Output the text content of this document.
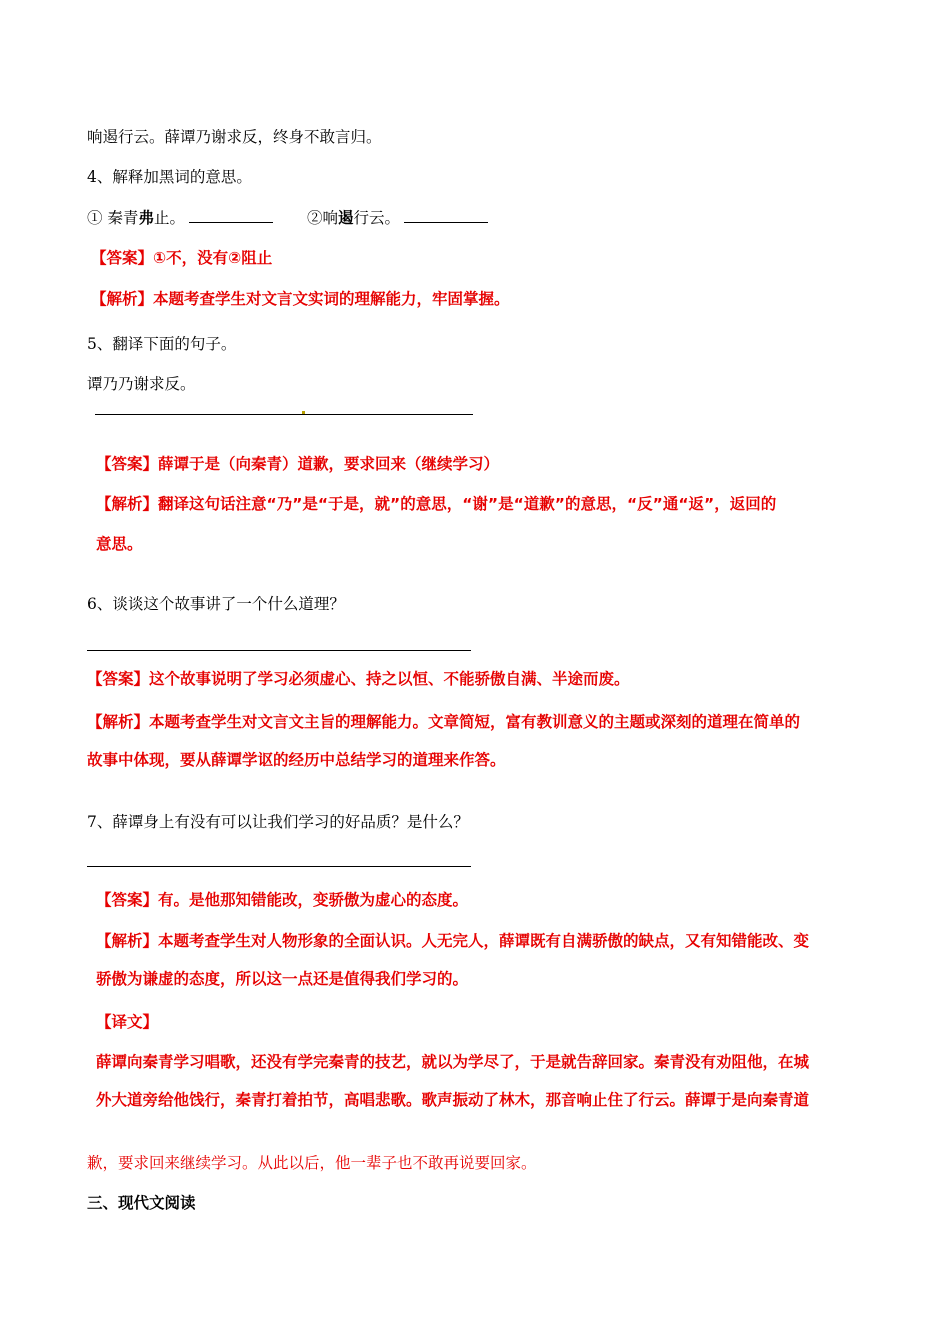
响遏行云。薛谭乃谢求反，终身不敢言归。
4、解释加黑词的意思。
① 秦青弗止。	②响遏行云。
【答案】①不，没有②阻止
【解析】本题考查学生对文言文实词的理解能力，牢固掌握。
5、翻译下面的句子。
谭乃乃谢求反。
【答案】薛谭于是（向秦青）道歉，要求回来（继续学习）
【解析】翻译这句话注意“乃”是“于是，就”的意思，“谢”是“道歉”的意思，“反”通“返”，返回的
意思。
6、谈谈这个故事讲了一个什么道理？
【答案】这个故事说明了学习必须虚心、持之以恒、不能骄傲自满、半途而废。
【解析】本题考查学生对文言文主旨的理解能力。文章简短，富有教训意义的主题或深刻的道理在简单的
故事中体现，要从薛谭学讴的经历中总结学习的道理来作答。
7、薛谭身上有没有可以让我们学习的好品质？是什么？
【答案】有。是他那知错能改，变骄傲为虚心的态度。
【解析】本题考查学生对人物形象的全面认识。人无完人，薛谭既有自满骄傲的缺点，又有知错能改、变
骄傲为谦虚的态度，所以这一点还是值得我们学习的。
【译文】
薛谭向秦青学习唱歌，还没有学完秦青的技艺，就以为学尽了，于是就告辞回家。秦青没有劝阻他，在城
外大道旁给他饯行，秦青打着拍节，高唱悲歌。歌声振动了林木，那音响止住了行云。薛谭于是向秦青道
歉，要求回来继续学习。从此以后，他一辈子也不敢再说要回家。
三、现代文阅读
